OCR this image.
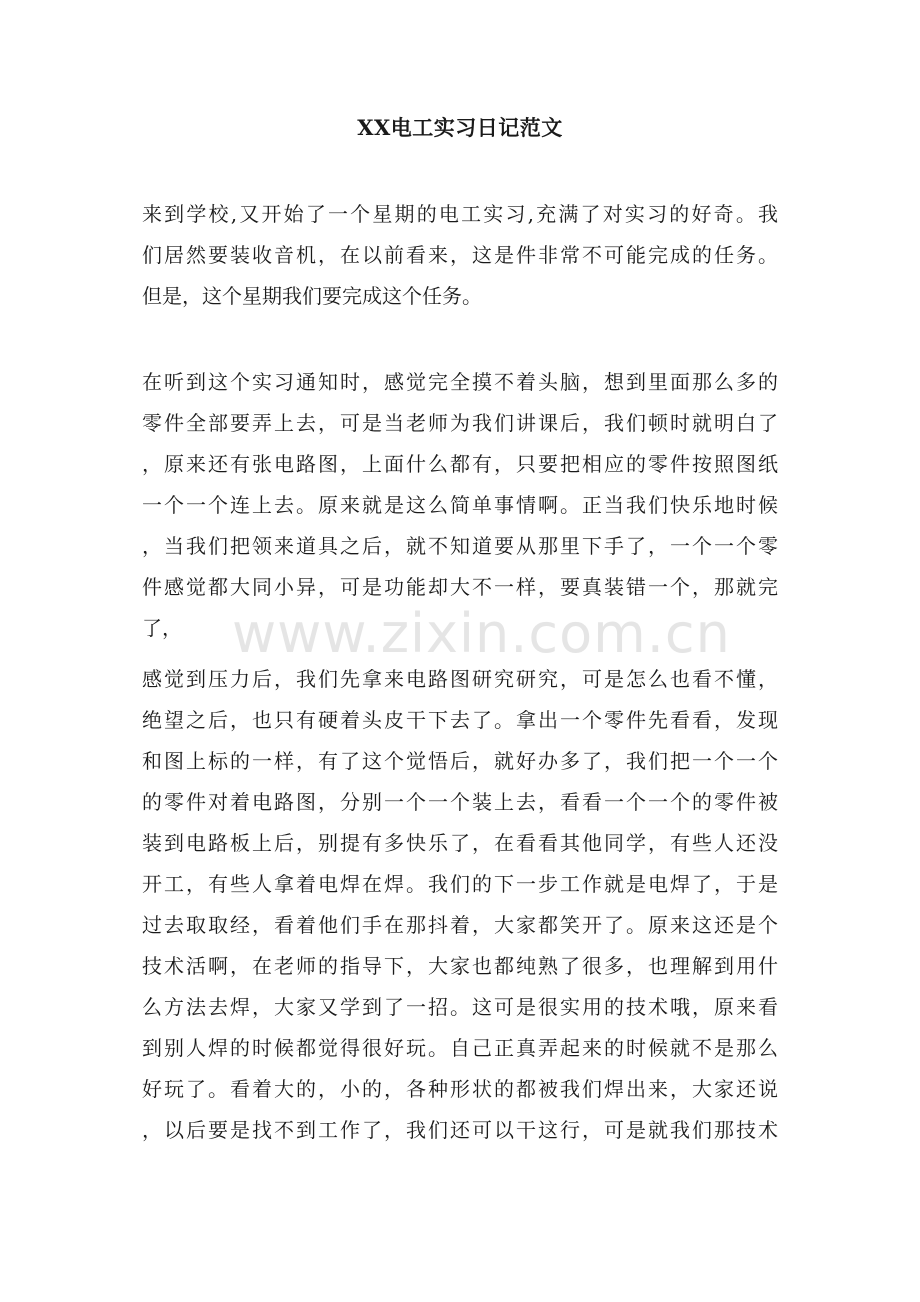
XX电工实习日记范文
来到学校,又开始了一个星期的电工实习,充满了对实习的好奇。我
们居然要装收音机，在以前看来，这是件非常不可能完成的任务。
但是，这个星期我们要完成这个任务。
在听到这个实习通知时，感觉完全摸不着头脑，想到里面那么多的
零件全部要弄上去，可是当老师为我们讲课后，我们顿时就明白了
，原来还有张电路图，上面什么都有，只要把相应的零件按照图纸
一个一个连上去。原来就是这么简单事情啊。正当我们快乐地时候
，当我们把领来道具之后，就不知道要从那里下手了，一个一个零
件感觉都大同小异，可是功能却大不一样，要真装错一个，那就完
了，
感觉到压力后，我们先拿来电路图研究研究，可是怎么也看不懂，
绝望之后，也只有硬着头皮干下去了。拿出一个零件先看看，发现
和图上标的一样，有了这个觉悟后，就好办多了，我们把一个一个
的零件对着电路图，分别一个一个装上去，看看一个一个的零件被
装到电路板上后，别提有多快乐了，在看看其他同学，有些人还没
开工，有些人拿着电焊在焊。我们的下一步工作就是电焊了，于是
过去取取经，看着他们手在那抖着，大家都笑开了。原来这还是个
技术活啊，在老师的指导下，大家也都纯熟了很多，也理解到用什
么方法去焊，大家又学到了一招。这可是很实用的技术哦，原来看
到别人焊的时候都觉得很好玩。自己正真弄起来的时候就不是那么
好玩了。看着大的，小的，各种形状的都被我们焊出来，大家还说
，以后要是找不到工作了，我们还可以干这行，可是就我们那技术
www.zixin.com.cn
